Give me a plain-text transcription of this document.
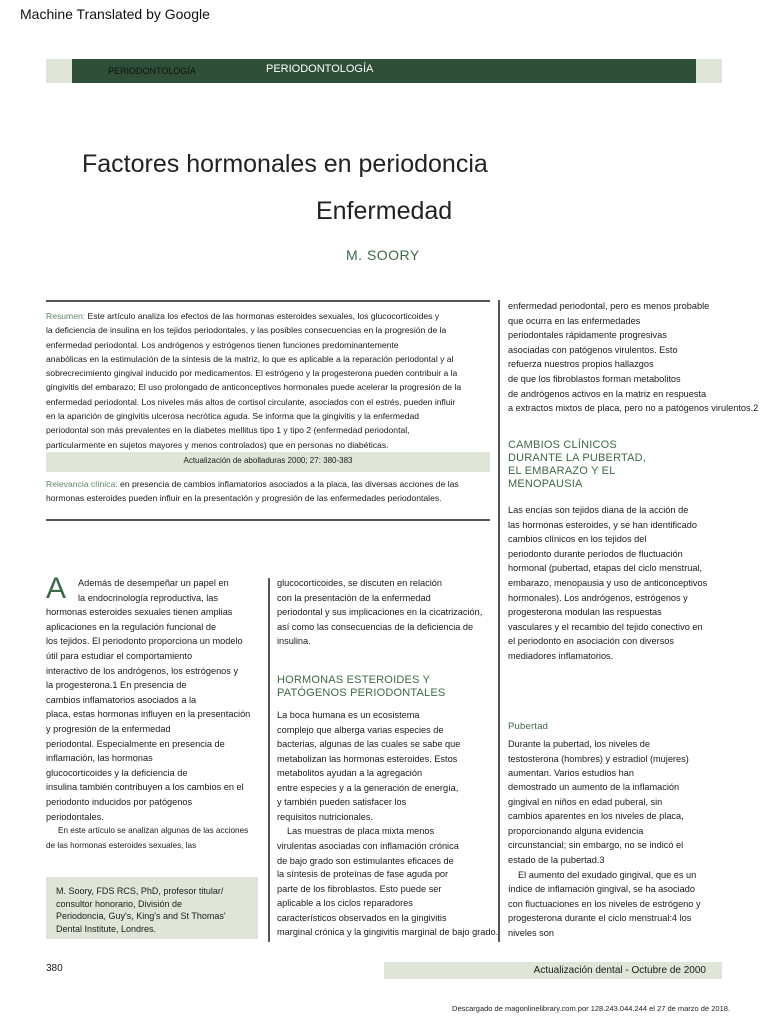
Machine Translated by Google
PERIODONTOLOGÍA	PERIODONTOLOGÍA
Factores hormonales en periodoncia
Enfermedad
M. SOORY
Resumen: Este artículo analiza los efectos de las hormonas esteroides sexuales, los glucocorticoides y
la deficiencia de insulina en los tejidos periodontales, y las posibles consecuencias en la progresión de la
enfermedad periodontal. Los andrógenos y estrógenos tienen funciones predominantemente
anabólicas en la estimulación de la síntesis de la matriz, lo que es aplicable a la reparación periodontal y al
sobrecrecimiento gingival inducido por medicamentos. El estrógeno y la progesterona pueden contribuir a la
gingivitis del embarazo; El uso prolongado de anticonceptivos hormonales puede acelerar la progresión de la
enfermedad periodontal. Los niveles más altos de cortisol circulante, asociados con el estrés, pueden influir
en la aparición de gingivitis ulcerosa necrótica aguda. Se informa que la gingivitis y la enfermedad
periodontal son más prevalentes en la diabetes mellitus tipo 1 y tipo 2 (enfermedad periodontal,
particularmente en sujetos mayores y menos controlados) que en personas no diabéticas.
Actualización de abolladuras 2000; 27: 380-383
Relevancia clínica: en presencia de cambios inflamatorios asociados a la placa, las diversas acciones de las
hormonas esteroides pueden influir en la presentación y progresión de las enfermedades periodontales.
A	Además de desempeñar un papel en
la endocrinología reproductiva, las
hormonas esteroides sexuales tienen amplias
aplicaciones en la regulación funcional de
los tejidos. El periodonto proporciona un modelo
útil para estudiar el comportamiento
interactivo de los andrógenos, los estrógenos y
la progesterona.1 En presencia de
cambios inflamatorios asociados a la
placa, estas hormonas influyen en la presentación
y progresión de la enfermedad
periodontal. Especialmente en presencia de
inflamación, las hormonas
glucocorticoides y la deficiencia de
insulina también contribuyen a los cambios en el
periodonto inducidos por patógenos
periodontales.
En este artículo se analizan algunas de las acciones
de las hormonas esteroides sexuales, las
M. Soory, FDS RCS, PhD, profesor titular/
consultor honorario, División de
Periodoncia, Guy's, King's and St Thomas'
Dental Institute, Londres.
glucocorticoides, se discuten en relación
con la presentación de la enfermedad
periodontal y sus implicaciones en la cicatrización,
así como las consecuencias de la deficiencia de
insulina.
HORMONAS ESTEROIDES Y
PATÓGENOS PERIODONTALES
La boca humana es un ecosistema
complejo que alberga varias especies de
bacterias, algunas de las cuales se sabe que
metabolizan las hormonas esteroides. Estos
metabolitos ayudan a la agregación
entre especies y a la generación de energía,
y también pueden satisfacer los
requisitos nutricionales.
Las muestras de placa mixta menos
virulentas asociadas con inflamación crónica
de bajo grado son estimulantes eficaces de
la síntesis de proteínas de fase aguda por
parte de los fibroblastos. Esto puede ser
aplicable a los ciclos reparadores
característicos observados en la gingivitis
marginal crónica y la gingivitis marginal de bajo grado.
enfermedad periodontal, pero es menos probable
que ocurra en las enfermedades
periodontales rápidamente progresivas
asociadas con patógenos virulentos. Esto
refuerza nuestros propios hallazgos
de que los fibroblastos forman metabolitos
de andrógenos activos en la matriz en respuesta
a extractos mixtos de placa, pero no a patógenos virulentos.2
CAMBIOS CLÍNICOS
DURANTE LA PUBERTAD,
EL EMBARAZO Y EL
MENOPAUSIA
Las encías son tejidos diana de la acción de
las hormonas esteroides, y se han identificado
cambios clínicos en los tejidos del
periodonto durante períodos de fluctuación
hormonal (pubertad, etapas del ciclo menstrual,
embarazo, menopausia y uso de anticonceptivos
hormonales). Los andrógenos, estrógenos y
progesterona modulan las respuestas
vasculares y el recambio del tejido conectivo en
el periodonto en asociación con diversos
mediadores inflamatorios.
Pubertad
Durante la pubertad, los niveles de
testosterona (hombres) y estradiol (mujeres)
aumentan. Varios estudios han
demostrado un aumento de la inflamación
gingival en niños en edad puberal, sin
cambios aparentes en los niveles de placa,
proporcionando alguna evidencia
circunstancial; sin embargo, no se indicó el
estado de la pubertad.3
El aumento del exudado gingival, que es un
índice de inflamación gingival, se ha asociado
con fluctuaciones en los niveles de estrógeno y
progesterona durante el ciclo menstrual:4 los
niveles son
380	Actualización dental - Octubre de 2000
Descargado de magonlinelibrary.com por 128.243.044.244 el 27 de marzo de 2018.
